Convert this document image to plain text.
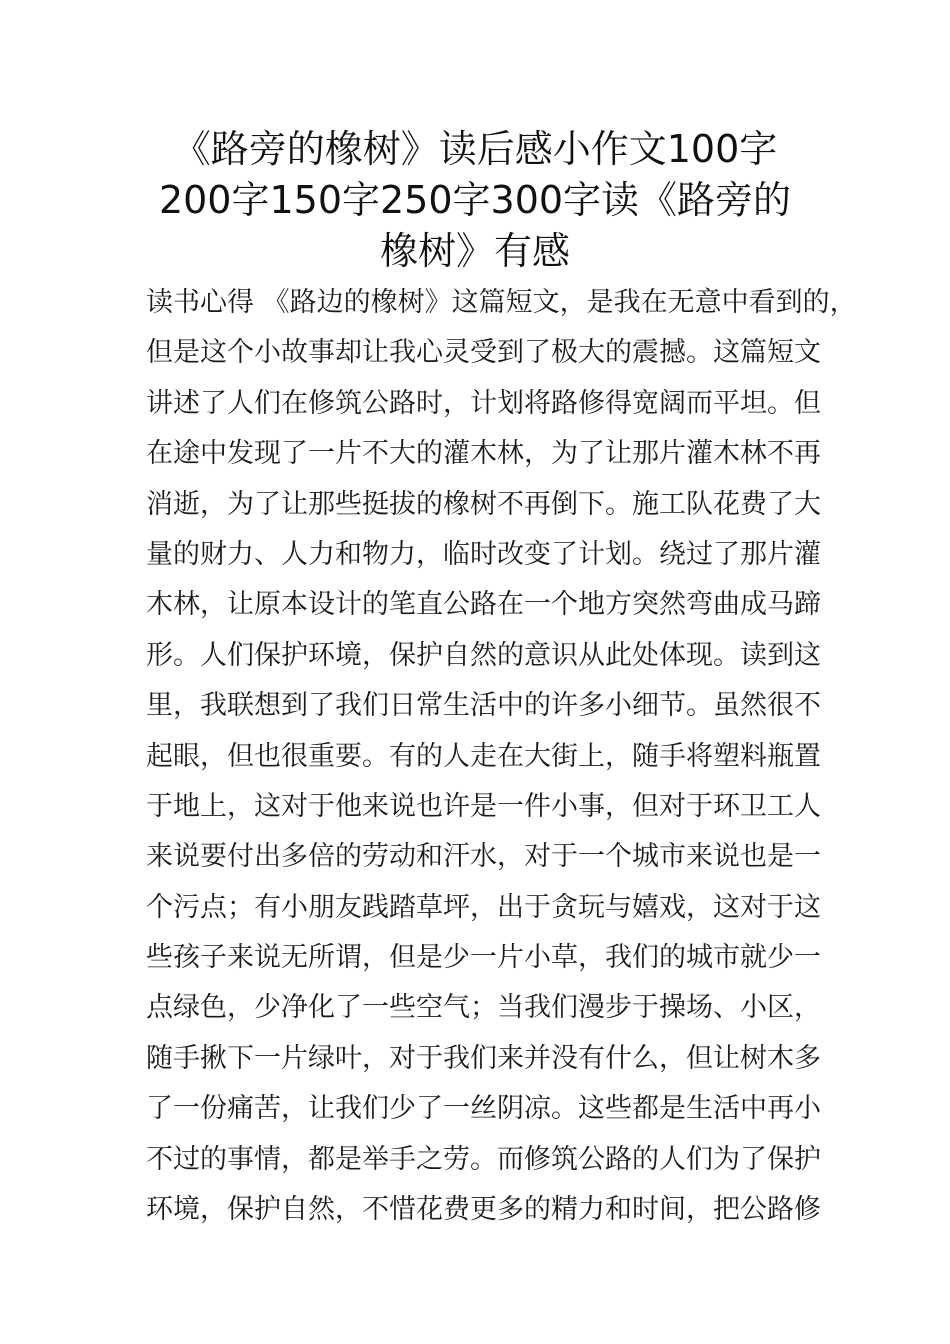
《路旁的橡树》读后感小作文100字
200字150字250字300字读《路旁的
橡树》有感
读书心得 《路边的橡树》这篇短文，是我在无意中看到的，
但是这个小故事却让我心灵受到了极大的震撼。这篇短文
讲述了人们在修筑公路时，计划将路修得宽阔而平坦。但
在途中发现了一片不大的灌木林，为了让那片灌木林不再
消逝，为了让那些挺拔的橡树不再倒下。施工队花费了大
量的财力、人力和物力，临时改变了计划。绕过了那片灌
木林，让原本设计的笔直公路在一个地方突然弯曲成马蹄
形。人们保护环境，保护自然的意识从此处体现。读到这
里，我联想到了我们日常生活中的许多小细节。虽然很不
起眼，但也很重要。有的人走在大街上，随手将塑料瓶置
于地上，这对于他来说也许是一件小事，但对于环卫工人
来说要付出多倍的劳动和汗水，对于一个城市来说也是一
个污点；有小朋友践踏草坪，出于贪玩与嬉戏，这对于这
些孩子来说无所谓，但是少一片小草，我们的城市就少一
点绿色，少净化了一些空气；当我们漫步于操场、小区，
随手揪下一片绿叶，对于我们来并没有什么，但让树木多
了一份痛苦，让我们少了一丝阴凉。这些都是生活中再小
不过的事情，都是举手之劳。而修筑公路的人们为了保护
环境，保护自然，不惜花费更多的精力和时间，把公路修
